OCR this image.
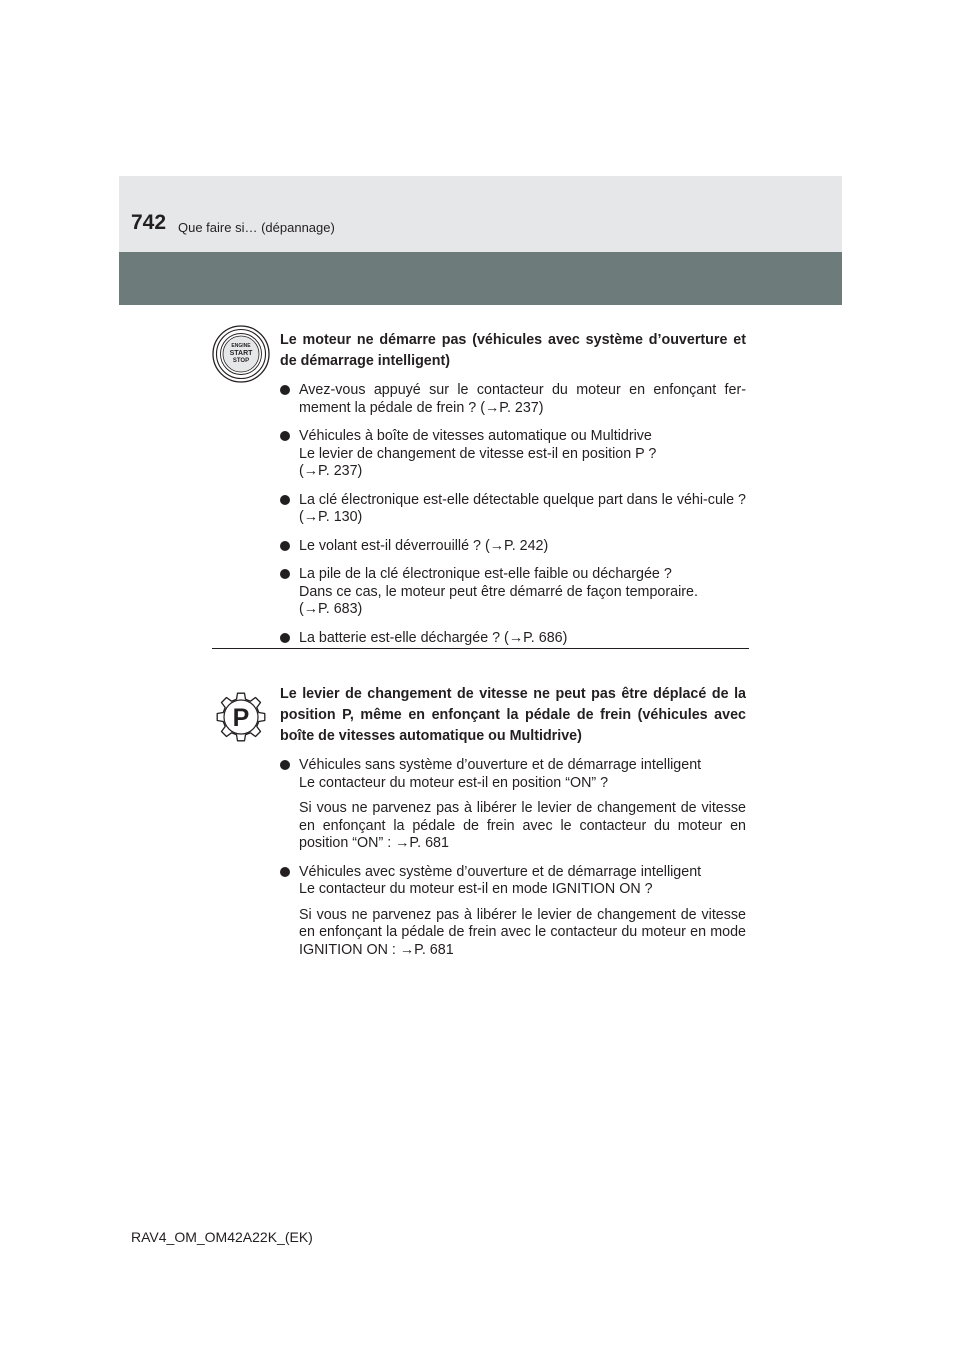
742 Que faire si… (dépannage)
ENGINE
START
STOP

Le moteur ne démarre pas (véhicules avec système d’ouverture et de démarrage intelligent)

Avez-vous appuyé sur le contacteur du moteur en enfonçant fer-mement la pédale de frein ? (→P. 237)
Véhicules à boîte de vitesses automatique ou Multidrive
Le levier de changement de vitesse est-il en position P ?
(→P. 237)
La clé électronique est-elle détectable quelque part dans le véhi-cule ? (→P. 130)
Le volant est-il déverrouillé ? (→P. 242)
La pile de la clé électronique est-elle faible ou déchargée ?
Dans ce cas, le moteur peut être démarré de façon temporaire.
(→P. 683)
La batterie est-elle déchargée ? (→P. 686)
P

Le levier de changement de vitesse ne peut pas être déplacé de la position P, même en enfonçant la pédale de frein (véhicules avec boîte de vitesses automatique ou Multidrive)

Véhicules sans système d’ouverture et de démarrage intelligent
Le contacteur du moteur est-il en position “ON” ?
Si vous ne parvenez pas à libérer le levier de changement de vitesse en enfonçant la pédale de frein avec le contacteur du moteur en position “ON” : →P. 681
Véhicules avec système d’ouverture et de démarrage intelligent
Le contacteur du moteur est-il en mode IGNITION ON ?
Si vous ne parvenez pas à libérer le levier de changement de vitesse en enfonçant la pédale de frein avec le contacteur du moteur en mode IGNITION ON : →P. 681
RAV4_OM_OM42A22K_(EK)
